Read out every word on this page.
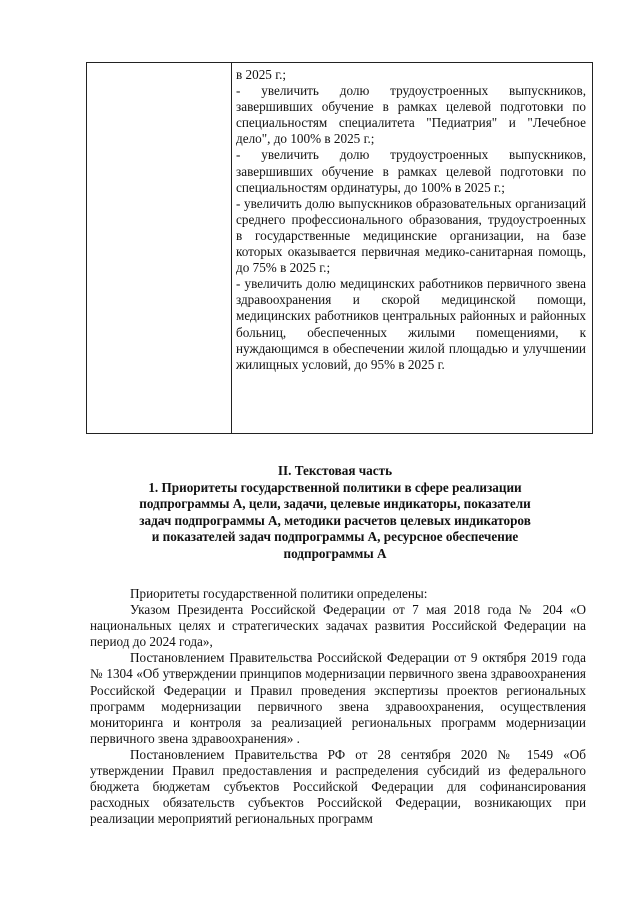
в 2025 г.;

- увеличить долю трудоустроенных выпускников, завершивших обучение в рамках целевой подготовки по специальностям специалитета "Педиатрия" и "Лечебное дело", до 100% в 2025 г.;

- увеличить долю трудоустроенных выпускников, завершивших обучение в рамках целевой подготовки по специальностям ординатуры, до 100% в 2025 г.;

- увеличить долю выпускников образовательных организаций среднего профессионального образования, трудоустроенных в государственные медицинские организации, на базе которых оказывается первичная медико-санитарная помощь, до 75% в 2025 г.;

- увеличить долю медицинских работников первичного звена здравоохранения и скорой медицинской помощи, медицинских работников центральных районных и районных больниц, обеспеченных жилыми помещениями, к нуждающимся в обеспечении жилой площадью и улучшении жилищных условий, до 95% в 2025 г.

II. Текстовая часть
1. Приоритеты государственной политики в сфере реализации
подпрограммы А, цели, задачи, целевые индикаторы, показатели
задач подпрограммы А, методики расчетов целевых индикаторов
и показателей задач подпрограммы А, ресурсное обеспечение
подпрограммы А

Приоритеты государственной политики определены:

Указом Президента Российской Федерации от 7 мая 2018 года № 204 «О национальных целях и стратегических задачах развития Российской Федерации на период до 2024 года»,

Постановлением Правительства Российской Федерации от 9 октября 2019 года № 1304 «Об утверждении принципов модернизации первичного звена здравоохранения Российской Федерации и Правил проведения экспертизы проектов региональных программ модернизации первичного звена здравоохранения, осуществления мониторинга и контроля за реализацией региональных программ модернизации первичного звена здравоохранения» .

Постановлением Правительства РФ от 28 сентября 2020 № 1549 «Об утверждении Правил предоставления и распределения субсидий из федерального бюджета бюджетам субъектов Российской Федерации для софинансирования расходных обязательств субъектов Российской Федерации, возникающих при реализации мероприятий региональных программ
